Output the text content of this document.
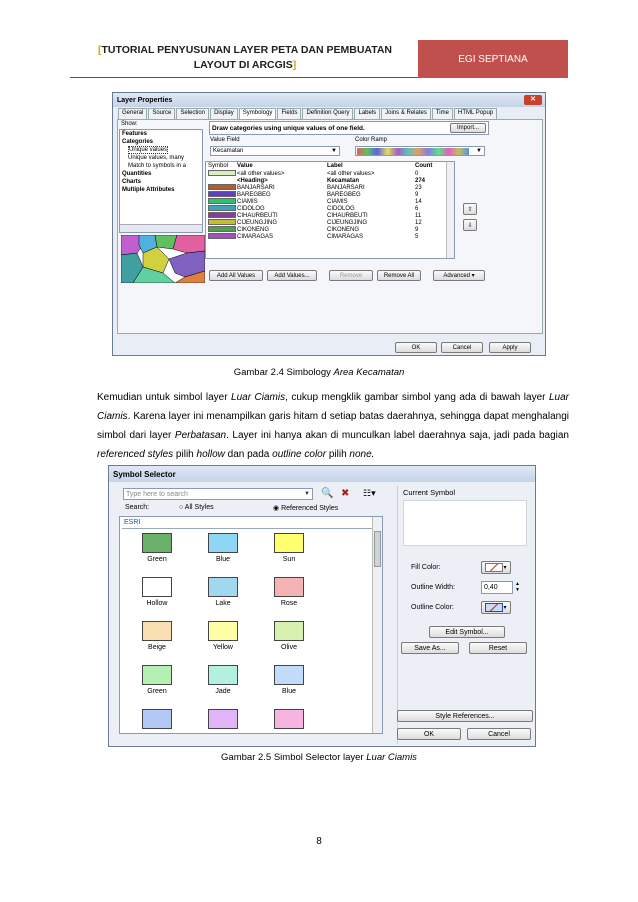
[TUTORIAL PENYUSUNAN LAYER PETA DAN PEMBUATAN
LAYOUT DI ARCGIS]	EGI SEPTIANA
Layer Properties	✕
General	Source	Selection	Display	Symbology	Fields	Definition Query	Labels	Joins & Relates	Time	HTML Popup
Show:
Features
Categories
Unique values
Unique values, many
Match to symbols in a
Quantities
Charts
Multiple Attributes
Draw categories using unique values of one field.	Import...
Value Field
Kecamatan	▼
Color Ramp
▼
Symbol	Value	Label	Count
<all other values>	<all other values>	0
<Heading>	Kecamatan	274
BANJARSARI	BANJARSARI	23
BAREGBEG	BAREGBEG	9
CIAMIS	CIAMIS	14
CIDOLOG	CIDOLOG	6
CIHAURBEUTI	CIHAURBEUTI	11
CIJEUNGJING	CIJEUNGJING	12
CIKONENG	CIKONENG	9
CIMARAGAS	CIMARAGAS	5
⇧
⇩
Add All Values	Add Values...	Remove	Remove All	Advanced ▾
OK	Cancel	Apply
Gambar 2.4 Simbology Area Kecamatan
Kemudian untuk simbol layer Luar Ciamis, cukup mengklik gambar simbol yang ada di bawah layer Luar Ciamis. Karena layer ini menampilkan garis hitam d setiap batas daerahnya, sehingga dapat menghalangi simbol dari layer Perbatasan. Layer ini hanya akan di munculkan label daerahnya saja, jadi pada bagian referenced styles pilih hollow dan pada outline color pilih none.
Symbol Selector
Type here to search	▼ 🔍 ✖ ☷▾
Search:	○ All Styles	◉ Referenced Styles
ESRI
Green	Blue	Sun
Hollow	Lake	Rose
Beige	Yellow	Olive
Green	Jade	Blue
Current Symbol
Fill Color:	▾
Outline Width:	0,40	▲
▼
Outline Color:	▾
Edit Symbol...
Save As...	Reset
Style References...
OK	Cancel
Gambar 2.5 Simbol Selector layer Luar Ciamis
8
